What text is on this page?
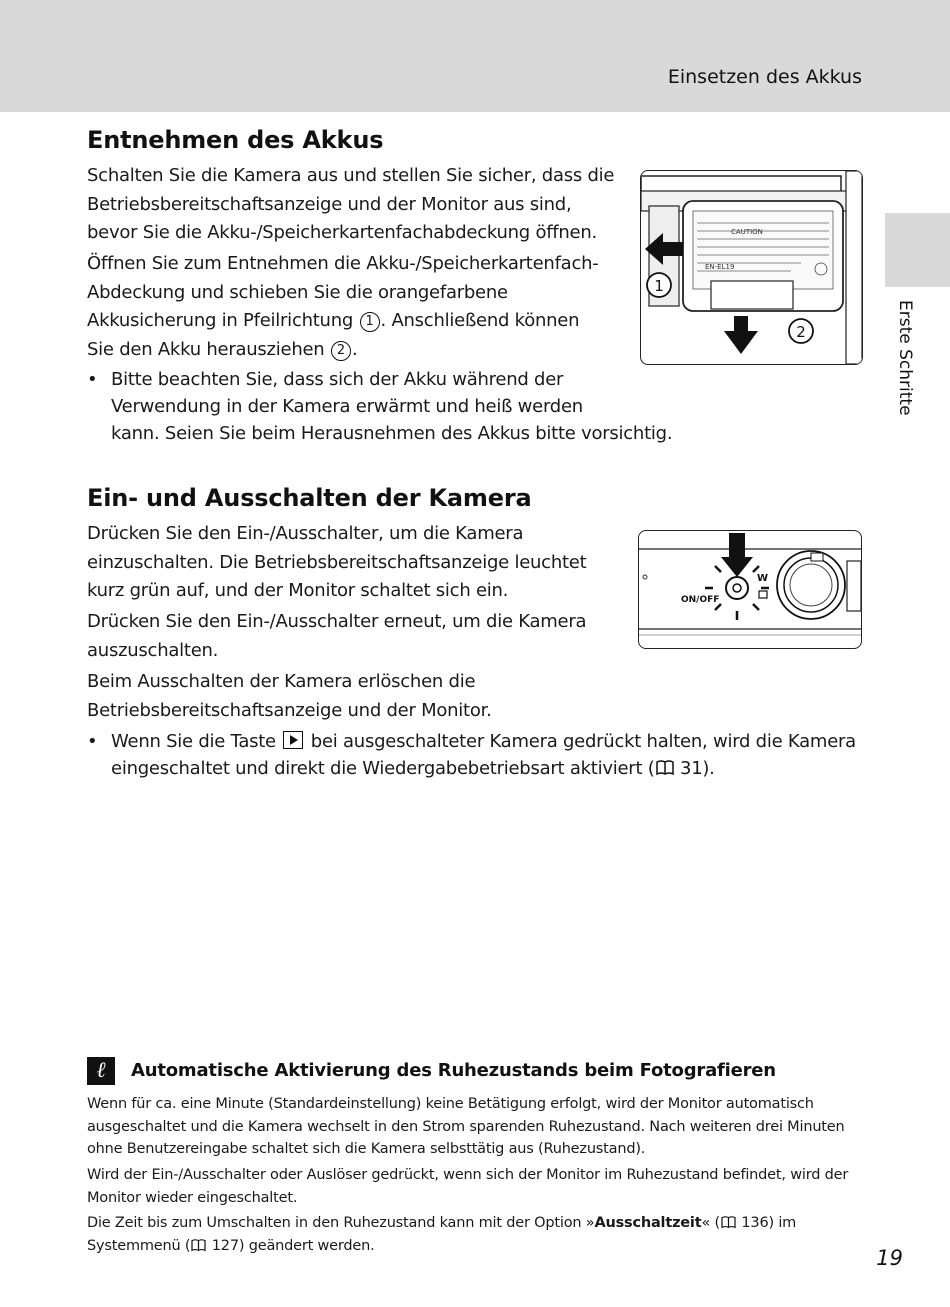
Einsetzen des Akkus
Erste Schritte
Entnehmen des Akkus
Schalten Sie die Kamera aus und stellen Sie sicher, dass die
Betriebsbereitschaftsanzeige und der Monitor aus sind,
bevor Sie die Akku-/Speicherkartenfachabdeckung öffnen.
Öffnen Sie zum Entnehmen die Akku-/Speicherkartenfach-
Abdeckung und schieben Sie die orangefarbene
Akkusicherung in Pfeilrichtung 1 . Anschließend können
Sie den Akku herausziehen 2 .
• Bitte beachten Sie, dass sich der Akku während der
Verwendung in der Kamera erwärmt und heiß werden
kann. Seien Sie beim Herausnehmen des Akkus bitte vorsichtig.
CAUTION
EN-EL19
1
2
Ein- und Ausschalten der Kamera
Drücken Sie den Ein-/Ausschalter, um die Kamera
einzuschalten. Die Betriebsbereitschaftsanzeige leuchtet
kurz grün auf, und der Monitor schaltet sich ein.
Drücken Sie den Ein-/Ausschalter erneut, um die Kamera
auszuschalten.
Beim Ausschalten der Kamera erlöschen die
Betriebsbereitschaftsanzeige und der Monitor.
• Wenn Sie die Taste  bei ausgeschalteter Kamera gedrückt halten, wird die Kamera
eingeschaltet und direkt die Wiedergabebetriebsart aktiviert ( 31).
ON/OFF
W
ℓ	Automatische Aktivierung des Ruhezustands beim Fotografieren
Wenn für ca. eine Minute (Standardeinstellung) keine Betätigung erfolgt, wird der Monitor automatisch
ausgeschaltet und die Kamera wechselt in den Strom sparenden Ruhezustand. Nach weiteren drei Minuten
ohne Benutzereingabe schaltet sich die Kamera selbsttätig aus (Ruhezustand).
Wird der Ein-/Ausschalter oder Auslöser gedrückt, wenn sich der Monitor im Ruhezustand befindet, wird der
Monitor wieder eingeschaltet.
Die Zeit bis zum Umschalten in den Ruhezustand kann mit der Option »Ausschaltzeit« ( 136) im
Systemmenü ( 127) geändert werden.
19
